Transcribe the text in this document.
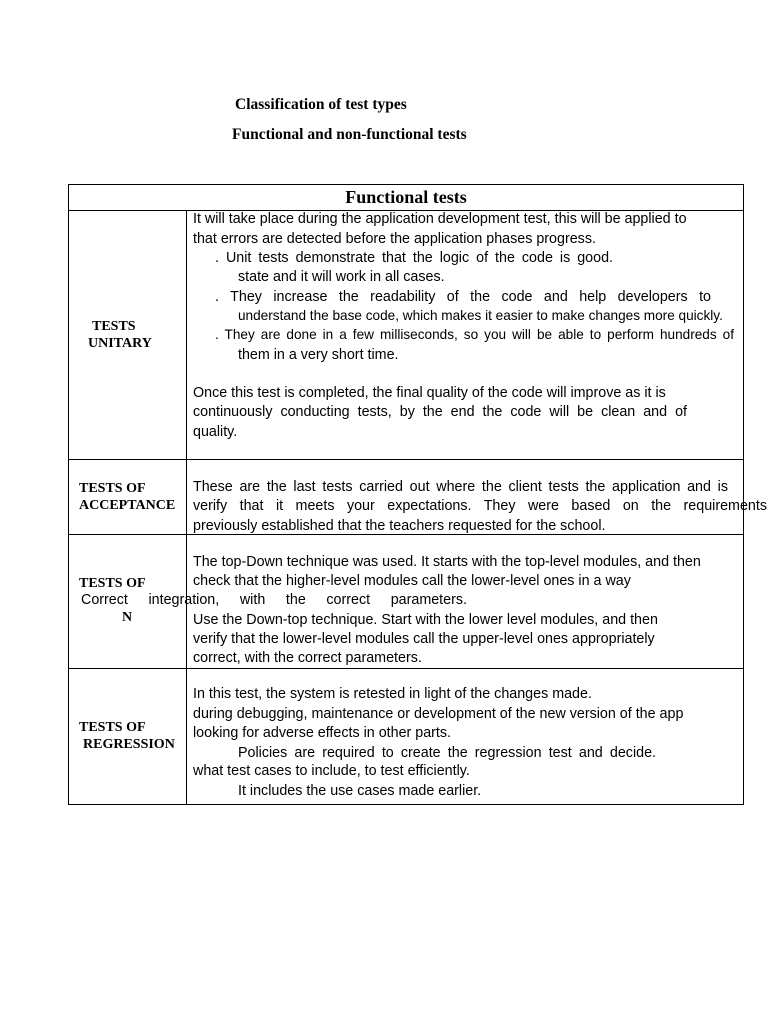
Classification of test types
Functional and non-functional tests
Functional tests
TESTS
UNITARY
It will take place during the application development test, this will be applied to
that errors are detected before the application phases progress.
. Unit tests demonstrate that the logic of the code is good.
state and it will work in all cases.
. They increase the readability of the code and help developers to
understand the base code, which makes it easier to make changes more quickly.
. They are done in a few milliseconds, so you will be able to perform hundreds of
them in a very short time.
Once this test is completed, the final quality of the code will improve as it is
continuously conducting tests, by the end the code will be clean and of
quality.
TESTS OF
ACCEPTANCE
These are the last tests carried out where the client tests the application and is
verify that it meets your expectations. They were based on the requirements
previously established that the teachers requested for the school.
TESTS OF
N
Correct integration, with the correct parameters.
The top-Down technique was used. It starts with the top-level modules, and then
check that the higher-level modules call the lower-level ones in a way
Use the Down-top technique. Start with the lower level modules, and then
verify that the lower-level modules call the upper-level ones appropriately
correct, with the correct parameters.
TESTS OF
REGRESSION
In this test, the system is retested in light of the changes made.
during debugging, maintenance or development of the new version of the app
looking for adverse effects in other parts.
Policies are required to create the regression test and decide.
what test cases to include, to test efficiently.
It includes the use cases made earlier.
